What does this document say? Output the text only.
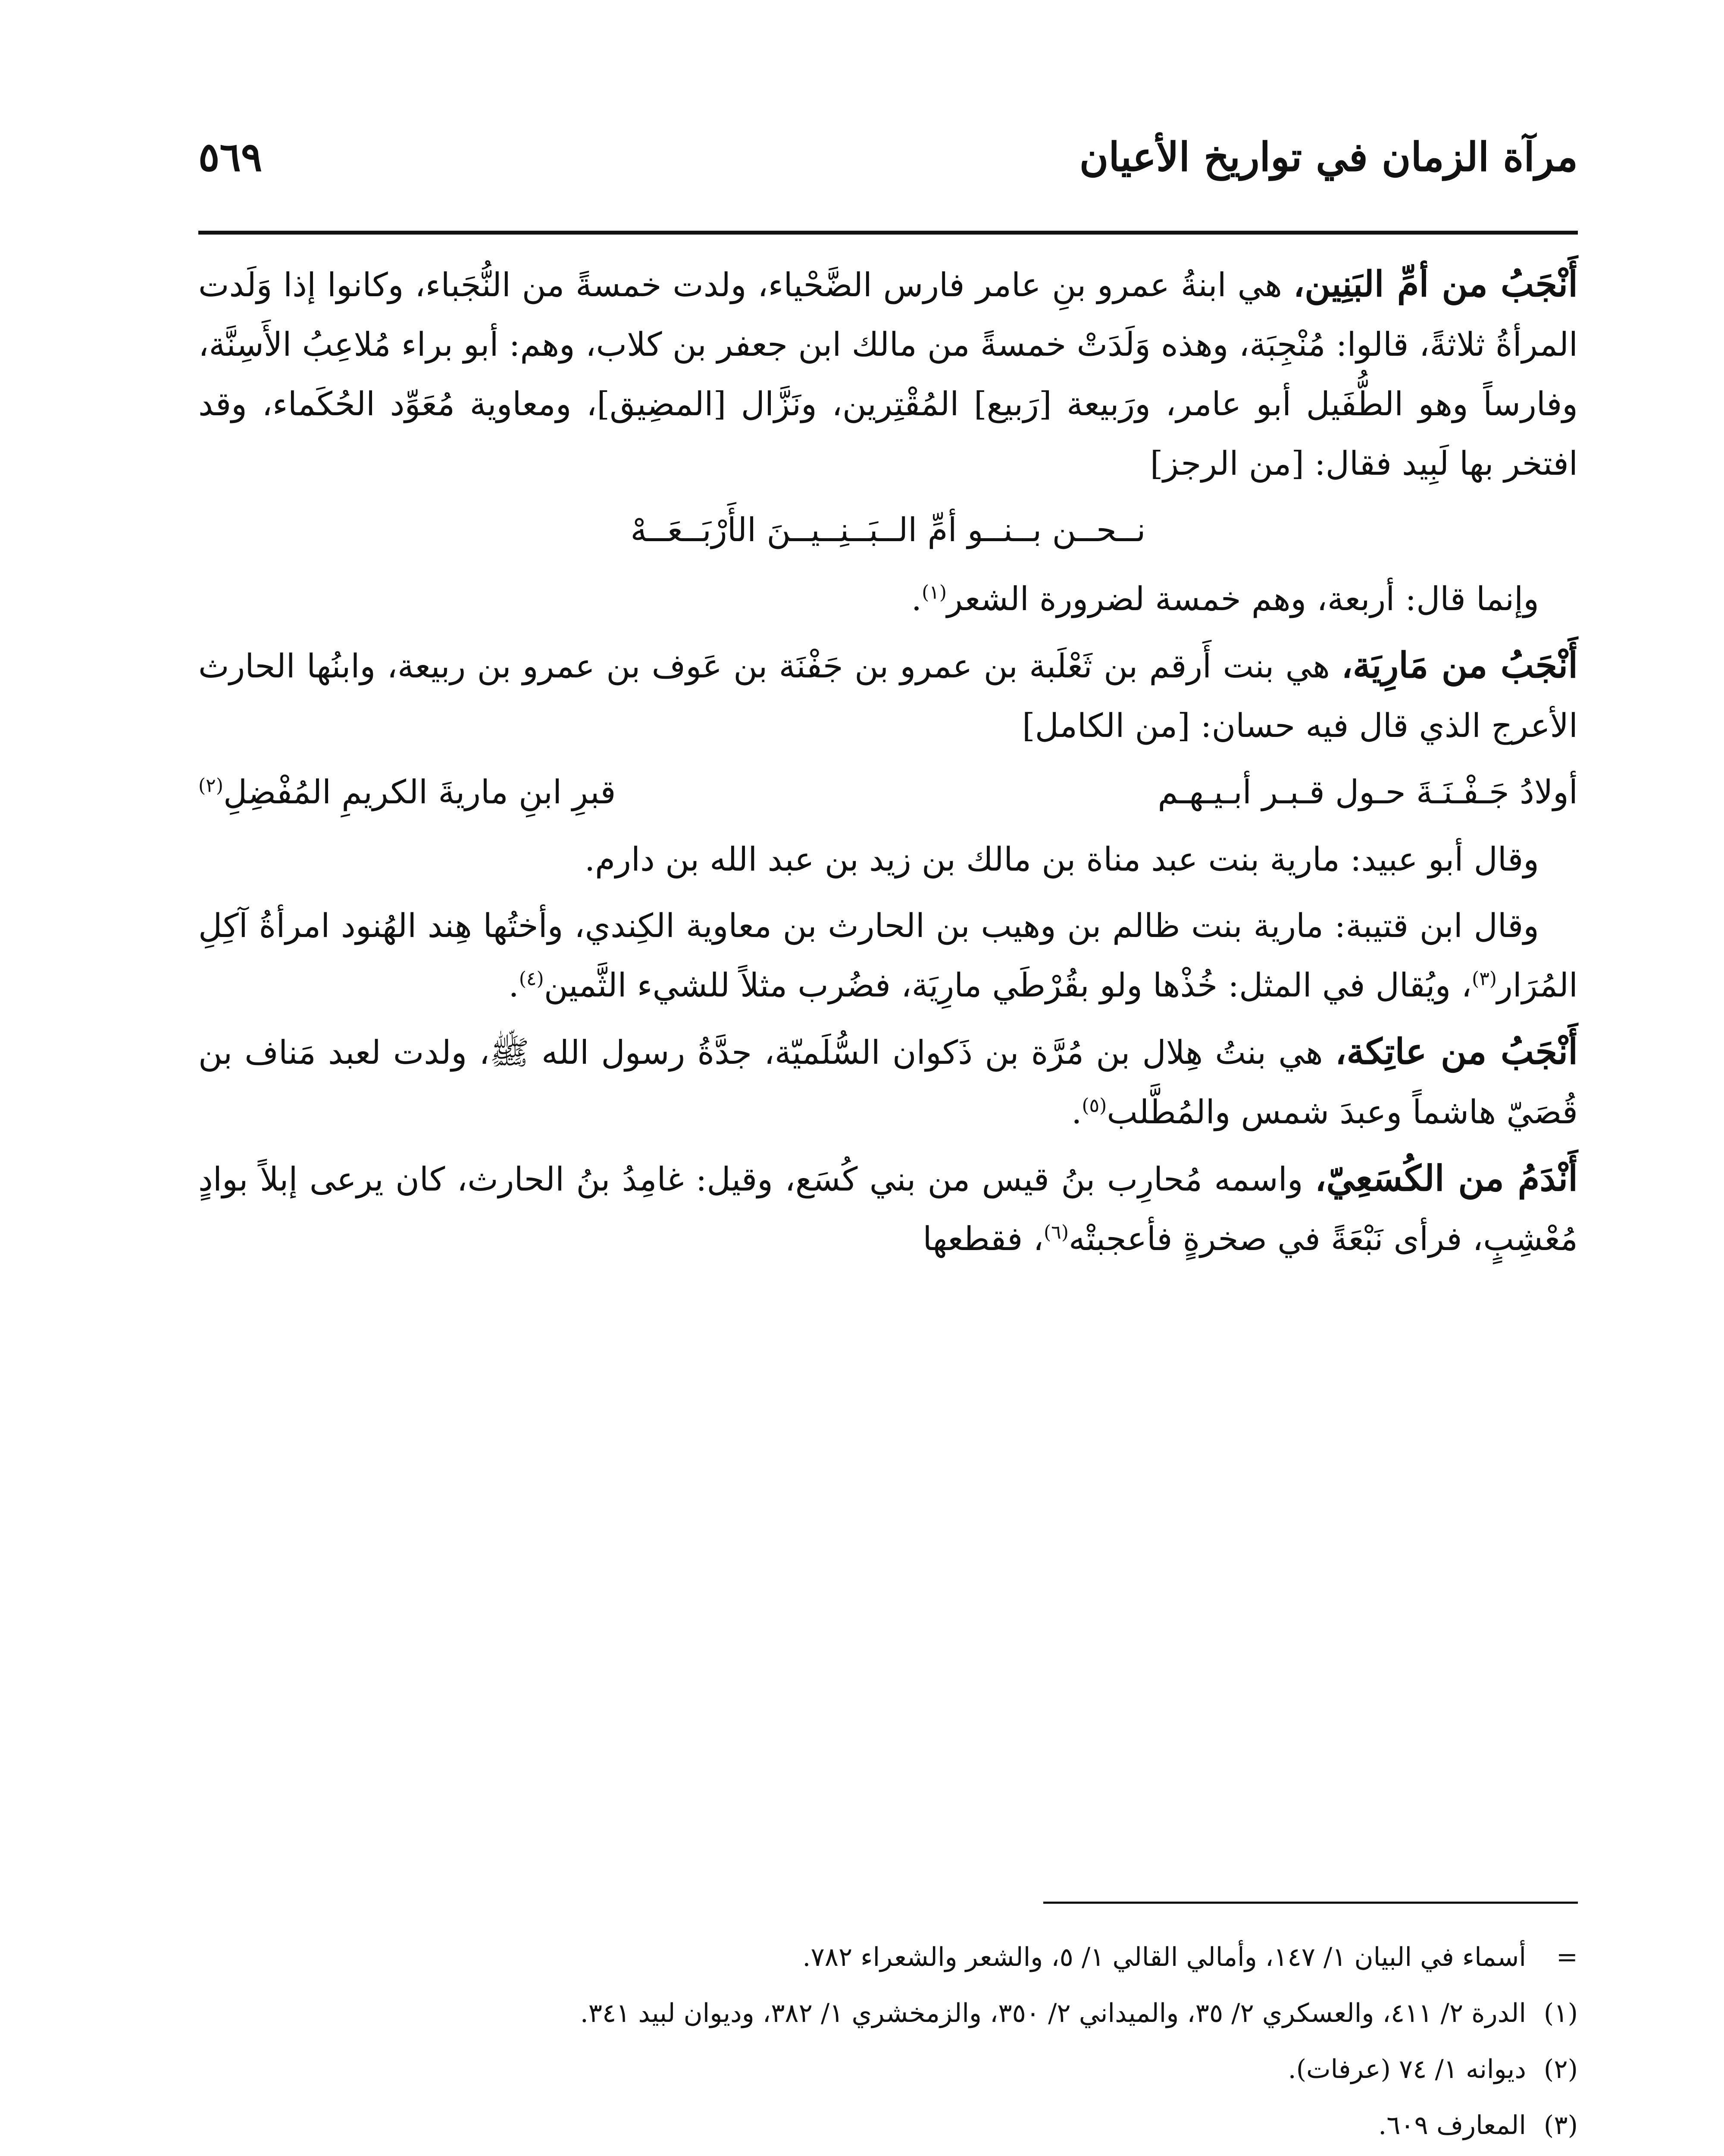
مرآة الزمان في تواريخ الأعيان
٥٦٩

أَنْجَبُ من أمِّ البَنِين، هي ابنةُ عمرو بنِ عامر فارس الضَّحْياء، ولدت خمسةً من النُّجَباء، وكانوا إذا وَلَدت المرأةُ ثلاثةً، قالوا: مُنْجِبَة، وهذه وَلَدَتْ خمسةً من مالك ابن جعفر بن كلاب، وهم: أبو براء مُلاعِبُ الأَسِنَّة، وفارساً وهو الطُّفَيل أبو عامر، ورَبيعة [رَبيع] المُقْتِرين، ونَزَّال [المضِيق]، ومعاوية مُعَوِّد الحُكَماء، وقد افتخر بها لَبِيد فقال: [من الرجز]

نــحــن بــنــو أمِّ الــبَــنِــيــنَ الأَرْبَــعَــهْ

وإنما قال: أربعة، وهم خمسة لضرورة الشعر$^{(١)}$.

أَنْجَبُ من مَارِيَة، هي بنت أَرقم بن ثَعْلَبة بن عمرو بن جَفْنَة بن عَوف بن عمرو بن ربيعة، وابنُها الحارث الأعرج الذي قال فيه حسان: [من الكامل]

أولادُ جَـفْـنَـةَ حـول قـبـر أبـيـهـم
قبرِ ابنِ ماريةَ الكريمِ المُفْضِلِ$^{(٢)}$

وقال أبو عبيد: مارية بنت عبد مناة بن مالك بن زيد بن عبد الله بن دارم.

وقال ابن قتيبة: مارية بنت ظالم بن وهيب بن الحارث بن معاوية الكِندي، وأختُها هِند الهُنود امرأةُ آكِلِ المُرَار$^{(٣)}$، ويُقال في المثل: خُذْها ولو بقُرْطَي مارِيَة، فضُرب مثلاً للشيء الثَّمين$^{(٤)}$.

أَنْجَبُ من عاتِكة، هي بنتُ هِلال بن مُرَّة بن ذَكوان السُّلَميّة، جدَّةُ رسول الله ﷺ، ولدت لعبد مَناف بن قُصَيّ هاشماً وعبدَ شمس والمُطَّلب$^{(٥)}$.

أَنْدَمُ من الكُسَعِيّ، واسمه مُحارِب بنُ قيس من بني كُسَع، وقيل: غامِدُ بنُ الحارث، كان يرعى إبلاً بوادٍ مُعْشِبٍ، فرأى نَبْعَةً في صخرةٍ فأعجبتْه$^{(٦)}$، فقطعها

=أسماء في البيان ١/ ١٤٧، وأمالي القالي ١/ ٥، والشعر والشعراء ٧٨٢.
(١)الدرة ٢/ ٤١١، والعسكري ٢/ ٣٥، والميداني ٢/ ٣٥٠، والزمخشري ١/ ٣٨٢، وديوان لبيد ٣٤١.
(٢)ديوانه ١/ ٧٤ (عرفات).
(٣)المعارف ٦٠٩.
